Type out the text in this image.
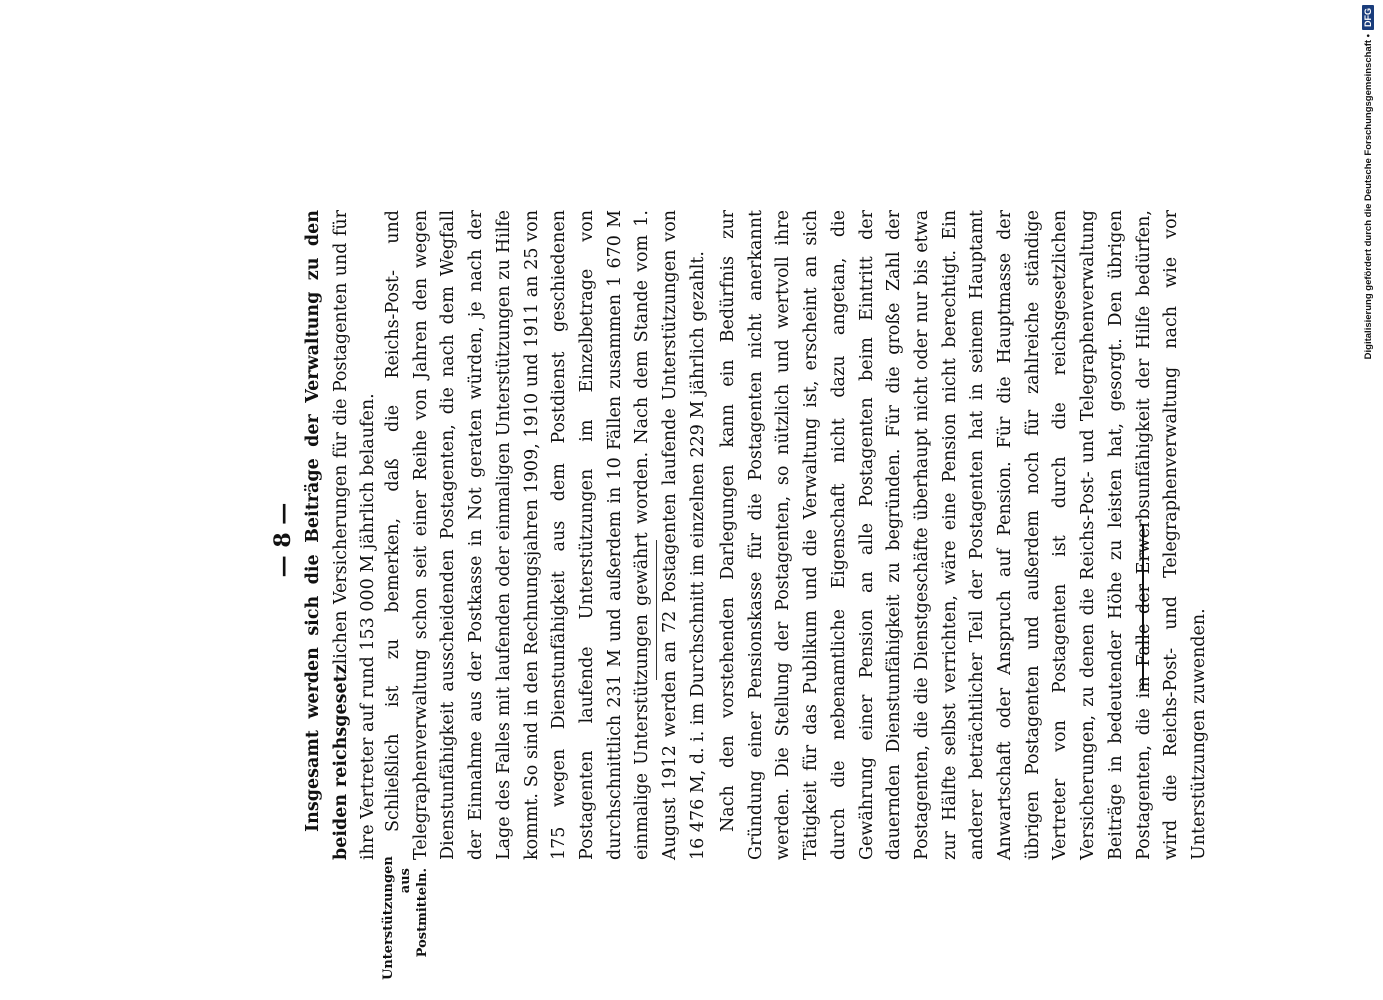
— 8 — Insgesamt werden sich die Beiträge der Verwaltung zu den beiden reichsgesetzlichen Versicherungen für die Postagenten und für ihre Vertreter auf rund 153 000 M jährlich belaufen.

Unterstützungen aus Postmitteln.

Schließlich ist zu bemerken, daß die Reichs-Post- und Telegraphenverwaltung schon seit einer Reihe von Jahren den wegen Dienstunfähigkeit ausscheidenden Postagenten, die nach dem Wegfall der Einnahme aus der Postkasse in Not geraten würden, je nach der Lage des Falles mit laufenden oder einmaligen Unterstützungen zu Hilfe kommt. So sind in den Rechnungsjahren 1909, 1910 und 1911 an 25 von 175 wegen Dienstunfähigkeit aus dem Postdienst geschiedenen Postagenten laufende Unterstützungen im Einzelbetrage von durchschnittlich 231 M und außerdem in 10 Fällen zusammen 1 670 M einmalige Unterstützungen gewährt worden. Nach dem Stande vom 1. August 1912 werden an 72 Postagenten laufende Unterstützungen von 16 476 M, d. i. im Durchschnitt im einzelnen 229 M jährlich gezahlt. Nach den vorstehenden Darlegungen kann ein Bedürfnis zur Gründung einer Pensionskasse für die Postagenten nicht anerkannt werden. Die Stellung der Postagenten, so nützlich und wertvoll ihre Tätigkeit für das Publikum und die Verwaltung ist, erscheint an sich durch die nebenamtliche Eigenschaft nicht dazu angetan, die Gewährung einer Pension an alle Postagenten beim Eintritt der dauernden Dienstunfähigkeit zu begründen. Für die große Zahl der Postagenten, die die Dienstgeschäfte überhaupt nicht oder nur bis etwa zur Hälfte selbst verrichten, wäre eine Pension nicht berechtigt. Ein anderer beträchtlicher Teil der Postagenten hat in seinem Hauptamt Anwartschaft oder Anspruch auf Pension. Für die Hauptmasse der übrigen Postagenten und außerdem noch für zahlreiche ständige Vertreter von Postagenten ist durch die reichsgesetzlichen Versicherungen, zu denen die Reichs-Post- und Telegraphenverwaltung Beiträge in bedeutender Höhe zu leisten hat, gesorgt. Den übrigen Postagenten, die im Falle der Erwerbsunfähigkeit der Hilfe bedürfen, wird die Reichs-Post- und Telegraphenverwaltung nach wie vor Unterstützungen zuwenden.

Digitalisierung gefördert durch die Deutsche Forschungsgemeinschaft •
DFG
